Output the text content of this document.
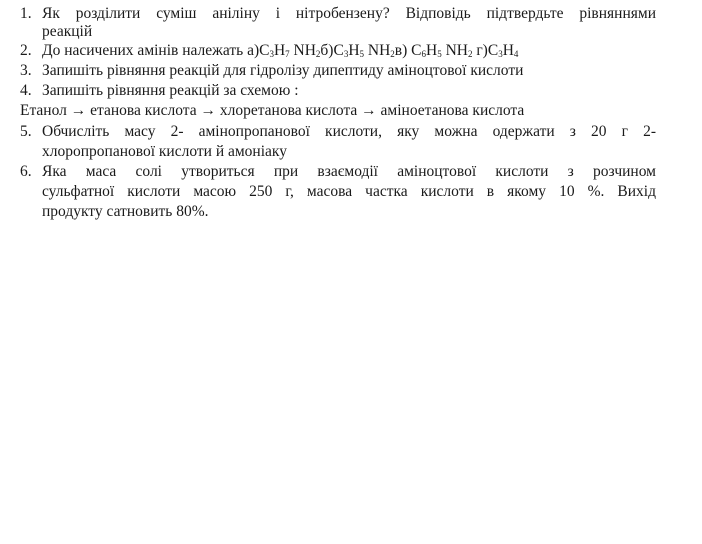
1. Як розділити суміш аніліну і нітробензену? Відповідь підтвердьте рівняннями
реакцій
2. До насичених амінів належать $а)C_3H_7$ $NH_2б)C_3H_5$ $NH_2в$) $C_6H_5$ $NH_2$ $г)C_3H_4$
3. Запишіть рівняння реакцій для гідролізу дипептиду аміноцтової кислоти
4. Запишіть рівняння реакцій за схемою :
Етанол → етанова кислота → хлоретанова кислота → аміноетанова кислота
5. Обчисліть масу 2- амінопропанової кислоти, яку можна одержати з 20 г 2-
хлоропропанової кислоти й амоніаку
6. Яка маса солі утвориться при взаємодії аміноцтової кислоти з розчином
сульфатної кислоти масою 250 г, масова частка кислоти в якому 10 %. Вихід
продукту сатновить 80%.
